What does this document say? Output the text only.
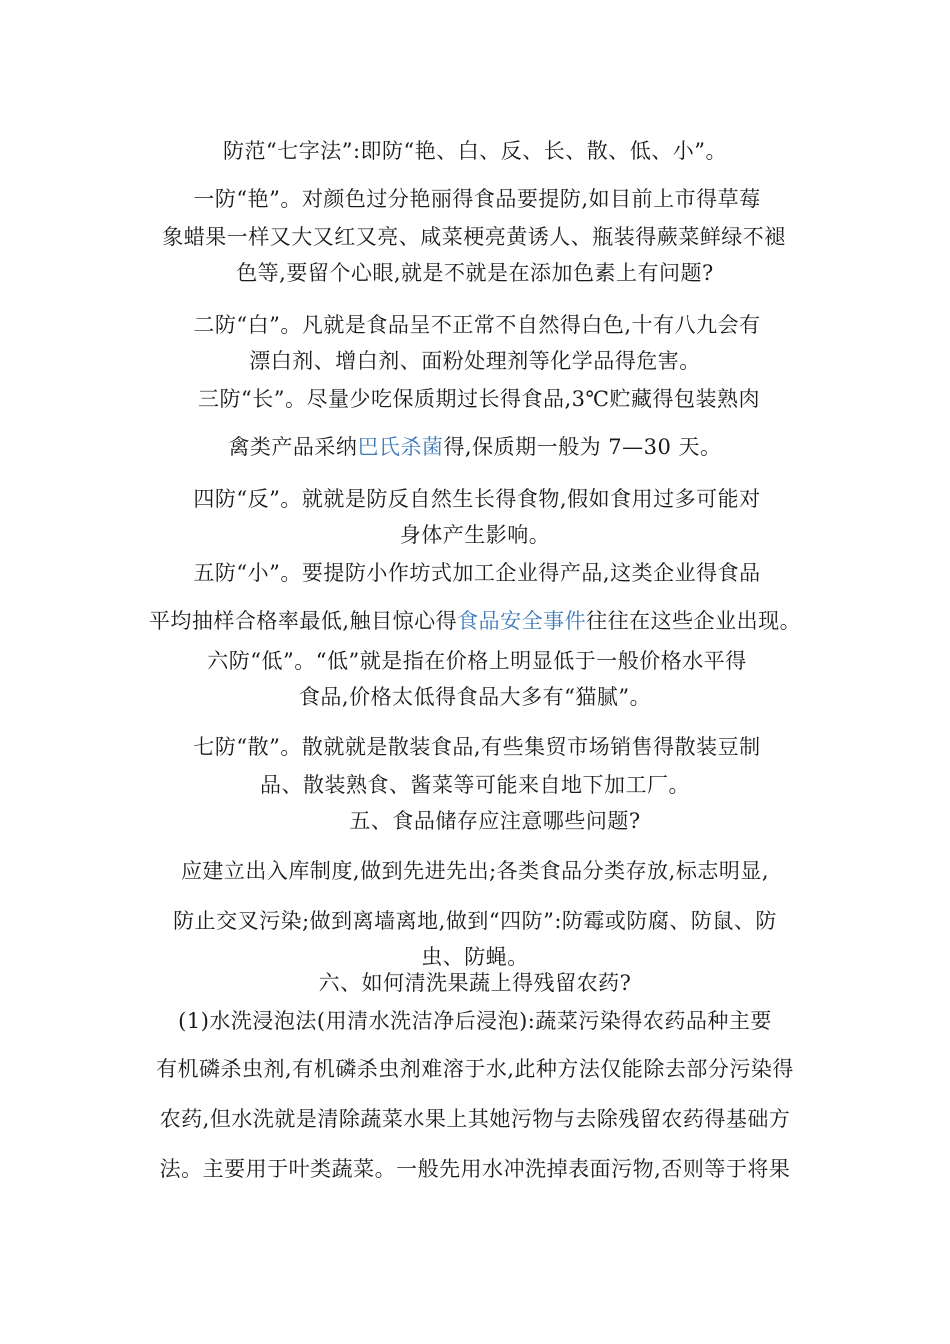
防范“七字法”:即防“艳、白、反、长、散、低、小”。
一防“艳”。对颜色过分艳丽得食品要提防,如目前上市得草莓
象蜡果一样又大又红又亮、咸菜梗亮黄诱人、瓶装得蕨菜鲜绿不褪
色等,要留个心眼,就是不就是在添加色素上有问题?
二防“白”。凡就是食品呈不正常不自然得白色,十有八九会有
漂白剂、增白剂、面粉处理剂等化学品得危害。
三防“长”。尽量少吃保质期过长得食品,3℃贮藏得包装熟肉
禽类产品采纳巴氏杀菌得,保质期一般为 7—30 天。
四防“反”。就就是防反自然生长得食物,假如食用过多可能对
身体产生影响。
五防“小”。要提防小作坊式加工企业得产品,这类企业得食品
平均抽样合格率最低,触目惊心得食品安全事件往往在这些企业出现。
六防“低”。“低”就是指在价格上明显低于一般价格水平得
食品,价格太低得食品大多有“猫腻”。
七防“散”。散就就是散装食品,有些集贸市场销售得散装豆制
品、散装熟食、酱菜等可能来自地下加工厂。
五、食品储存应注意哪些问题?
应建立出入库制度,做到先进先出;各类食品分类存放,标志明显,
防止交叉污染;做到离墙离地,做到“四防”:防霉或防腐、防鼠、防
虫、防蝇。
六、如何清洗果蔬上得残留农药?
(1)水洗浸泡法(用清水洗洁净后浸泡):蔬菜污染得农药品种主要
有机磷杀虫剂,有机磷杀虫剂难溶于水,此种方法仅能除去部分污染得
农药,但水洗就是清除蔬菜水果上其她污物与去除残留农药得基础方
法。主要用于叶类蔬菜。一般先用水冲洗掉表面污物,否则等于将果
